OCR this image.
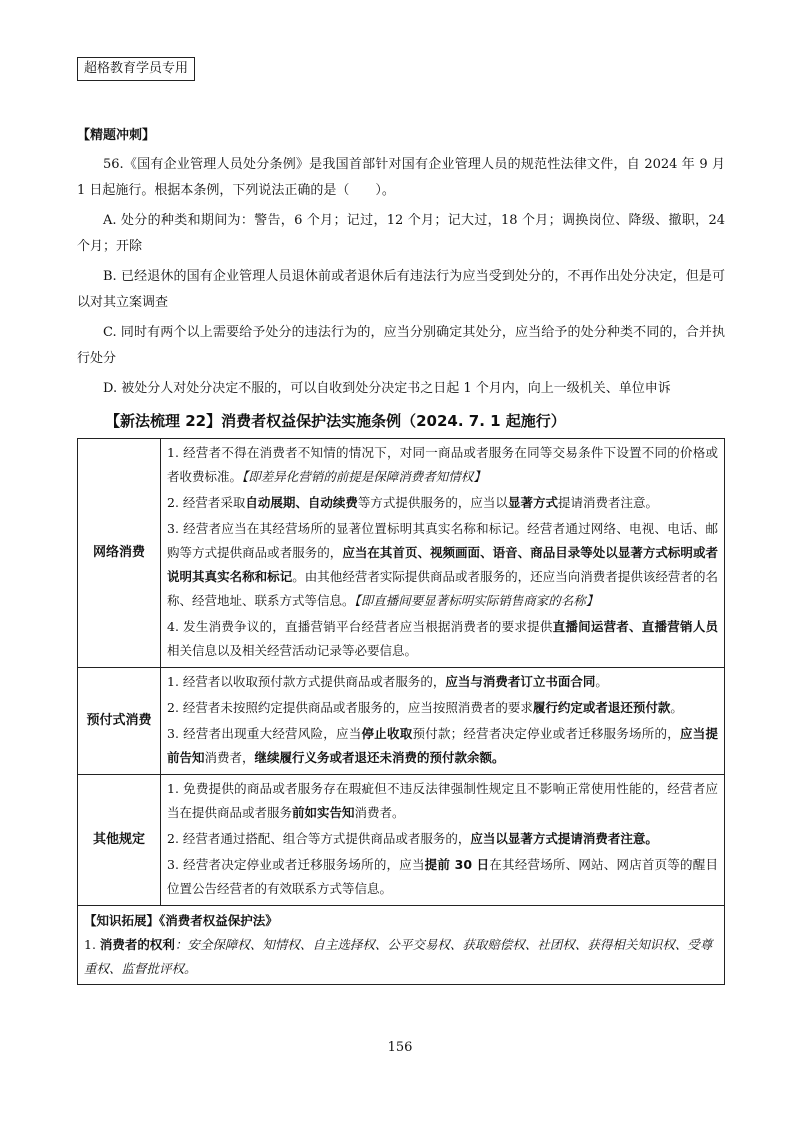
超格教育学员专用
【精题冲刺】

56.《国有企业管理人员处分条例》是我国首部针对国有企业管理人员的规范性法律文件，自 2024 年 9 月 1 日起施行。根据本条例，下列说法正确的是（　　）。

A. 处分的种类和期间为：警告，6 个月；记过，12 个月；记大过，18 个月；调换岗位、降级、撤职，24 个月；开除

B. 已经退休的国有企业管理人员退休前或者退休后有违法行为应当受到处分的，不再作出处分决定，但是可以对其立案调查

C. 同时有两个以上需要给予处分的违法行为的，应当分别确定其处分，应当给予的处分种类不同的，合并执行处分

D. 被处分人对处分决定不服的，可以自收到处分决定书之日起 1 个月内，向上一级机关、单位申诉

【新法梳理 22】消费者权益保护法实施条例（2024. 7. 1 起施行）
网络消费	1. 经营者不得在消费者不知情的情况下，对同一商品或者服务在同等交易条件下设置不同的价格或者收费标准。【即差异化营销的前提是保障消费者知情权】
2. 经营者采取自动展期、自动续费等方式提供服务的，应当以显著方式提请消费者注意。
3. 经营者应当在其经营场所的显著位置标明其真实名称和标记。经营者通过网络、电视、电话、邮购等方式提供商品或者服务的，应当在其首页、视频画面、语音、商品目录等处以显著方式标明或者说明其真实名称和标记。由其他经营者实际提供商品或者服务的，还应当向消费者提供该经营者的名称、经营地址、联系方式等信息。【即直播间要显著标明实际销售商家的名称】
4. 发生消费争议的，直播营销平台经营者应当根据消费者的要求提供直播间运营者、直播营销人员相关信息以及相关经营活动记录等必要信息。

预付式消费	1. 经营者以收取预付款方式提供商品或者服务的，应当与消费者订立书面合同。
2. 经营者未按照约定提供商品或者服务的，应当按照消费者的要求履行约定或者退还预付款。
3. 经营者出现重大经营风险，应当停止收取预付款；经营者决定停业或者迁移服务场所的，应当提前告知消费者，继续履行义务或者退还未消费的预付款余额。

其他规定	1. 免费提供的商品或者服务存在瑕疵但不违反法律强制性规定且不影响正常使用性能的，经营者应当在提供商品或者服务前如实告知消费者。
2. 经营者通过搭配、组合等方式提供商品或者服务的，应当以显著方式提请消费者注意。
3. 经营者决定停业或者迁移服务场所的，应当提前 30 日在其经营场所、网站、网店首页等的醒目位置公告经营者的有效联系方式等信息。

【知识拓展】《消费者权益保护法》
1. 消费者的权利：安全保障权、知情权、自主选择权、公平交易权、获取赔偿权、社团权、获得相关知识权、受尊重权、监督批评权。	
156
